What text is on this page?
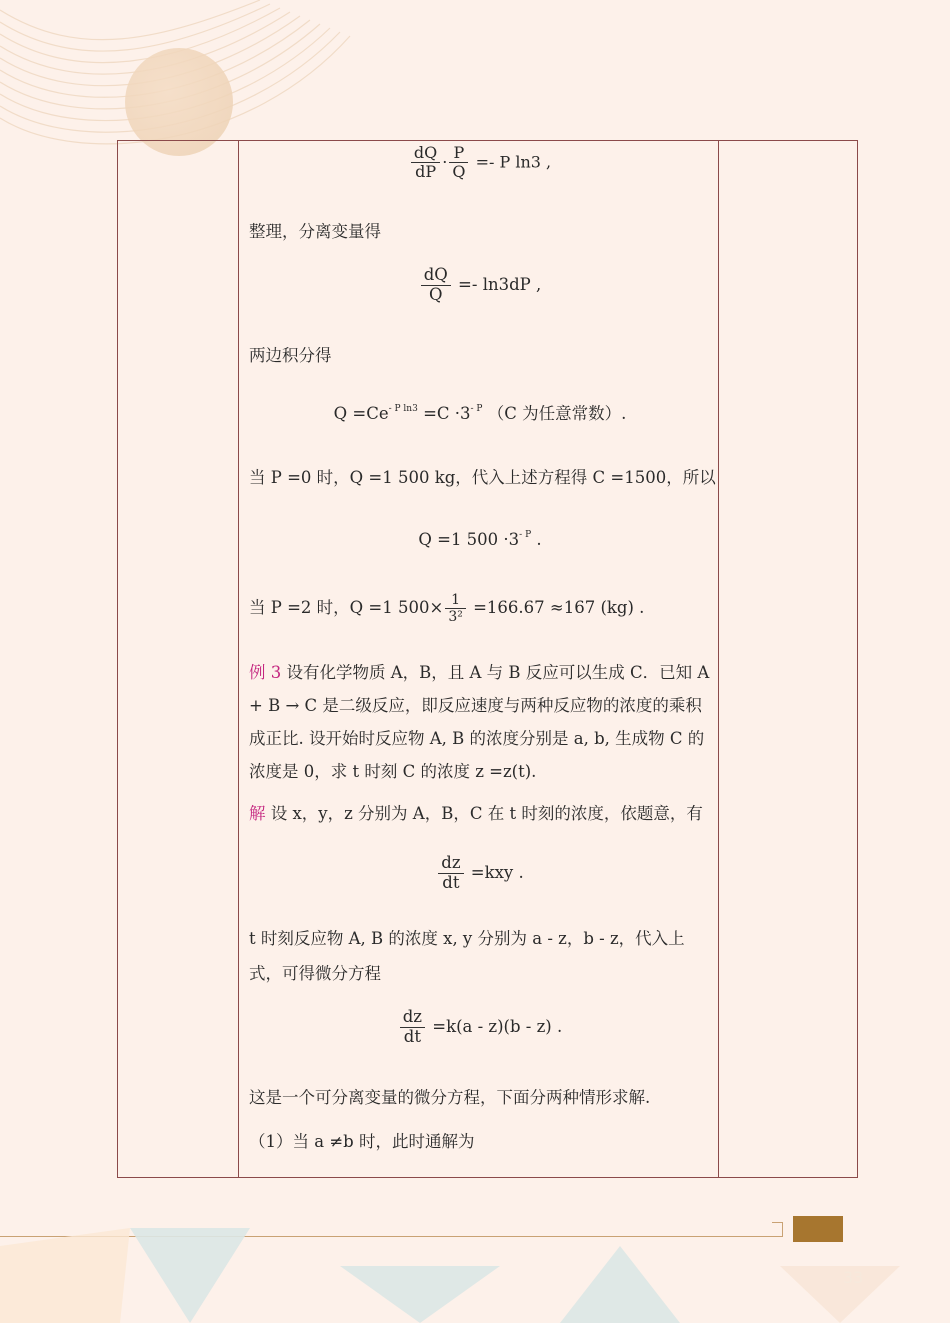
$\frac{dQ}{dP} \cdot \frac{P}{Q} =- P$ ln3 ,
整理，分离变量得
$\frac{dQ}{Q} =- \ln 3dP$ ,
两边积分得
$Q =Ce^{- P ln3} =C \cdot 3^{- P}$ （C 为任意常数）.
当 P =0 时，Q =1 500 kg，代入上述方程得 C =1500，所以
Q =1 $500 \cdot 3^{- P}$ .
当 P =2 时，Q =1 $500\times \frac{1}{\text{3²}} =166.67 \approx 167$ (kg) .
例 3 设有化学物质 A，B，且 A 与 B 反应可以生成 C．已知 A + B → C 是二级反应，即反应速度与两种反应物的浓度的乘积成正比. 设开始时反应物 A, B 的浓度分别是 a, b, 生成物 C 的浓度是 0，求 t 时刻 C 的浓度 z =z(t).
解 设 x，y，z 分别为 A，B，C 在 t 时刻的浓度，依题意，有
$\frac{dz}{dt} =kxy$ .
t 时刻反应物 A, B 的浓度 x, y 分别为 a - z，b - z，代入上式，可得微分方程
$\frac{dz}{dt} =k(a - z)(b - z)$ .
这是一个可分离变量的微分方程，下面分两种情形求解.
（1）当 a ≠b 时，此时通解为
33
